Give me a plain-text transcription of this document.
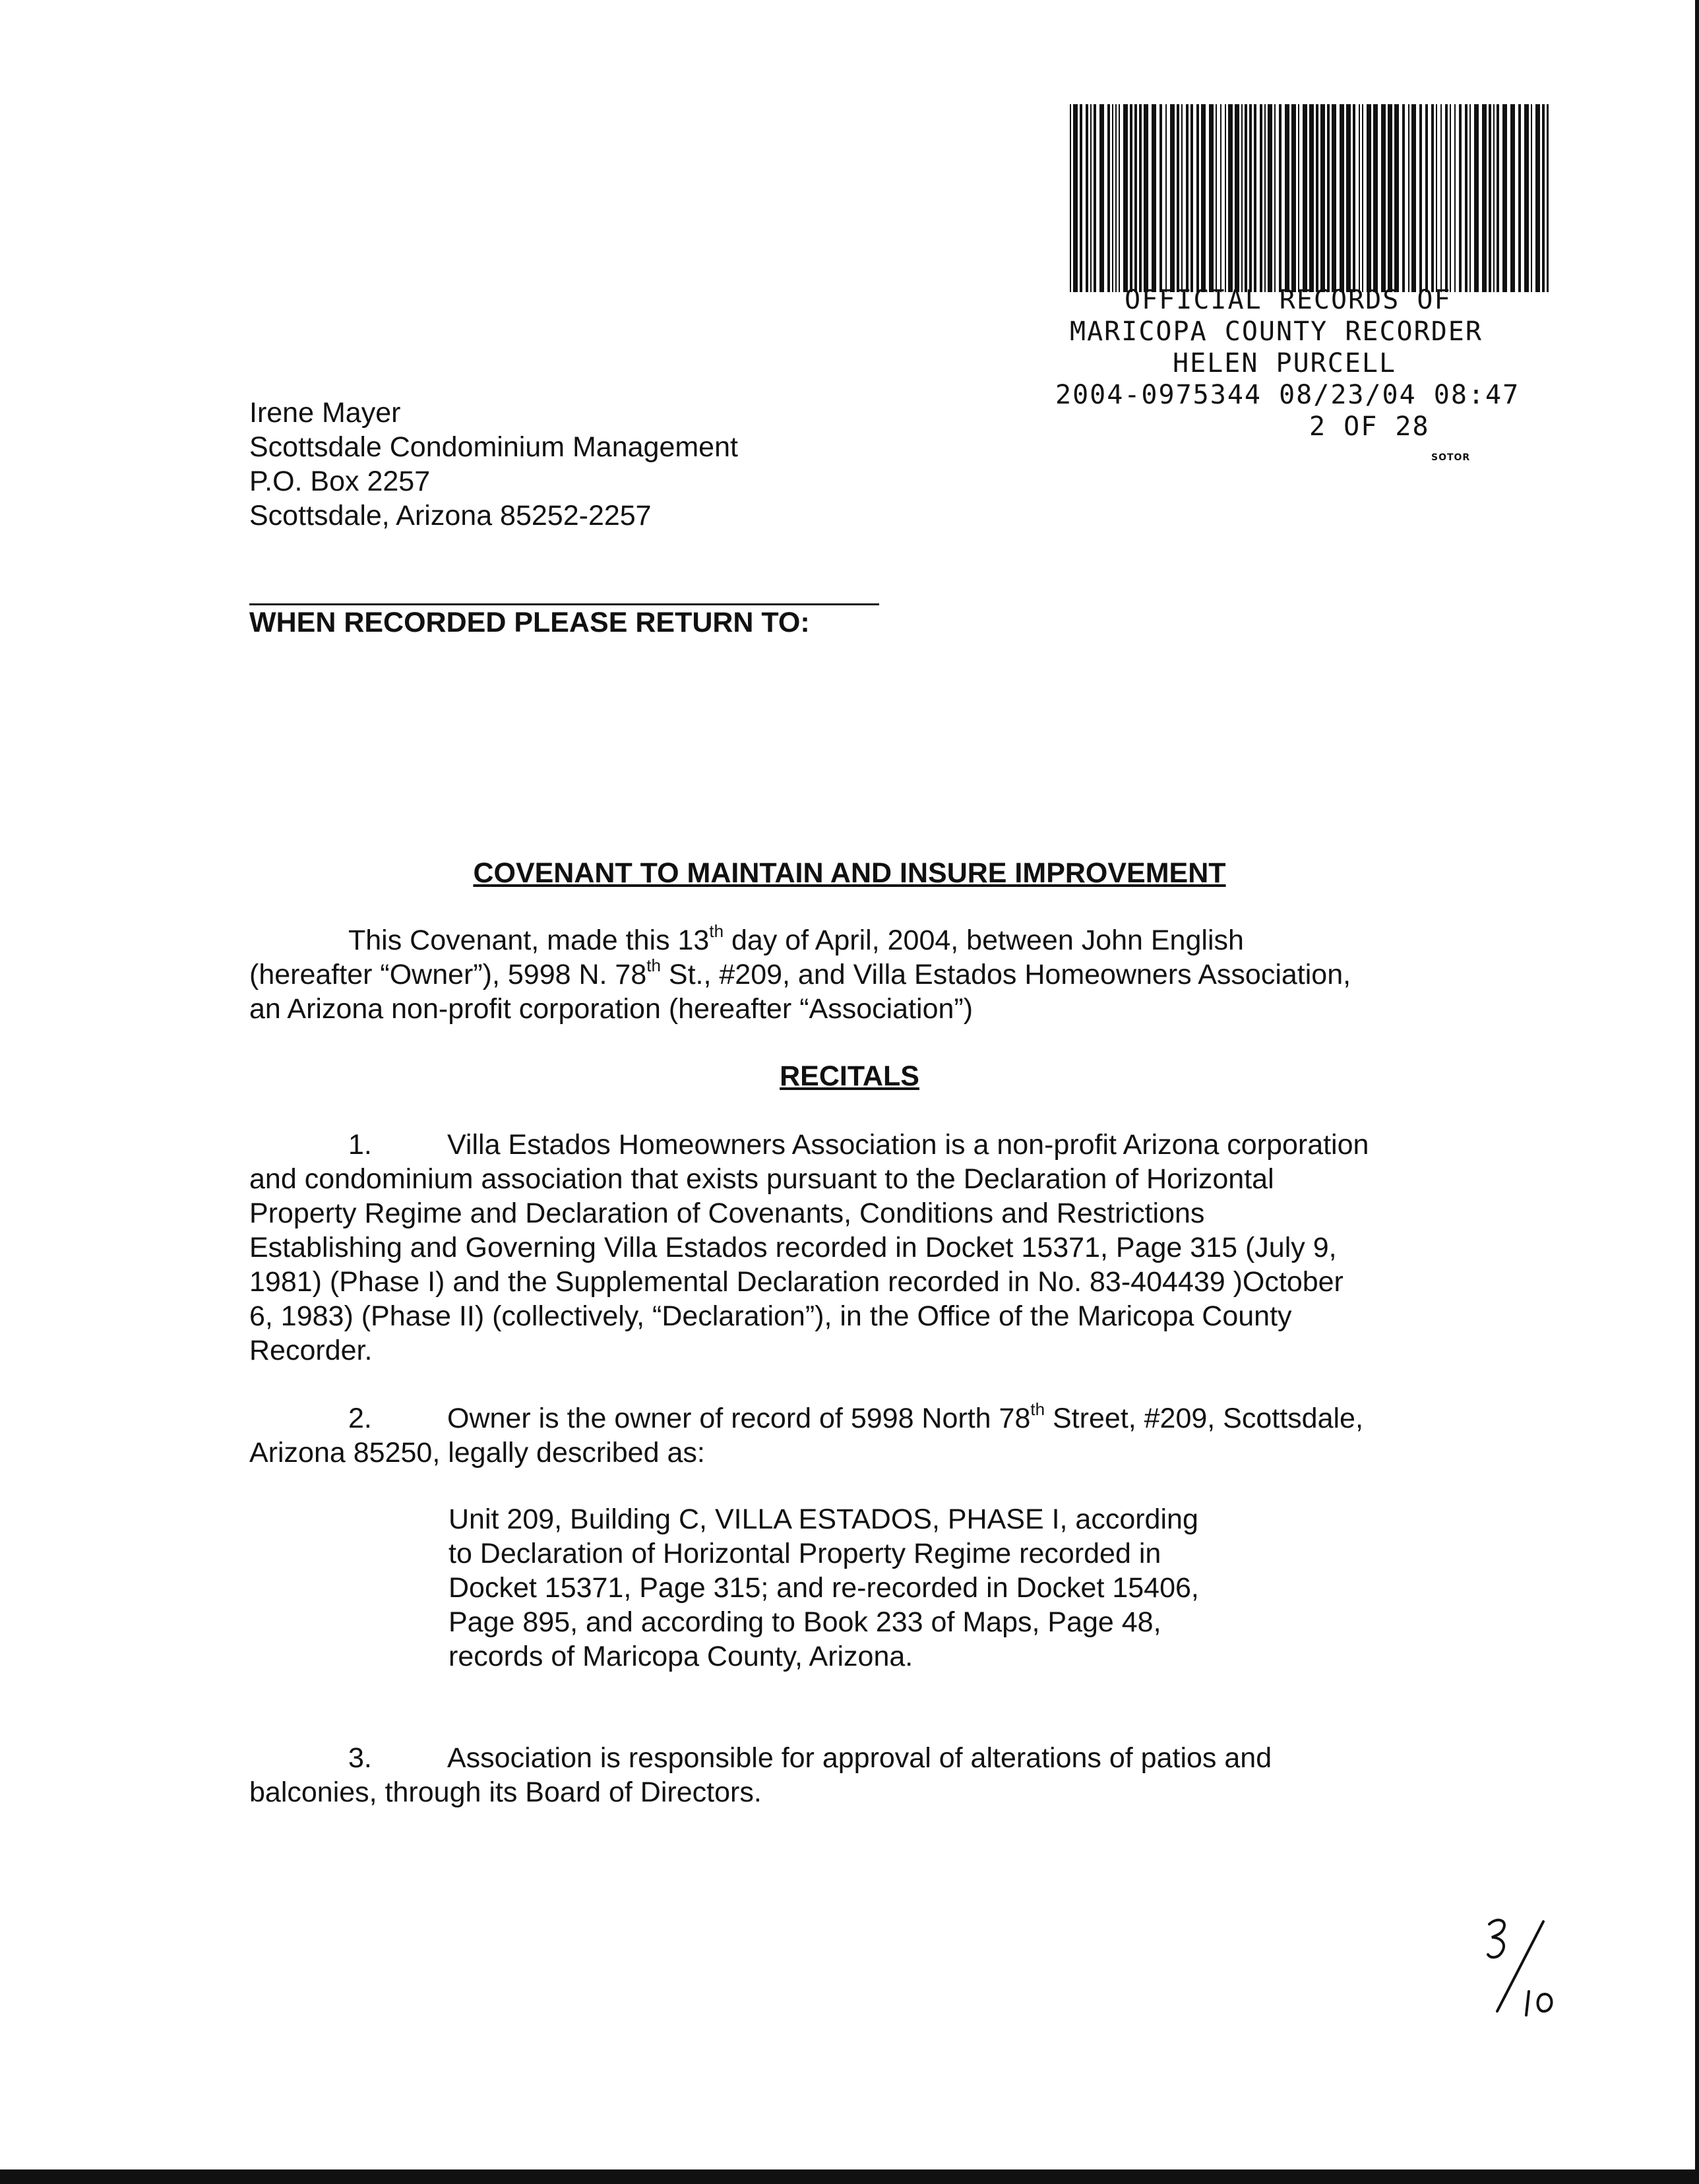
OFFICIAL RECORDS OF
MARICOPA COUNTY RECORDER
HELEN PURCELL
2004-0975344 08/23/04 08:47
2 OF 28
SOTOR
Irene Mayer
Scottsdale Condominium Management
P.O. Box 2257
Scottsdale, Arizona 85252-2257
WHEN RECORDED PLEASE RETURN TO:
COVENANT TO MAINTAIN AND INSURE IMPROVEMENT
This Covenant, made this 13th day of April, 2004, between John English
(hereafter “Owner”), 5998 N. 78th St., #209, and Villa Estados Homeowners Association,
an Arizona non-profit corporation (hereafter “Association”)
RECITALS
1.	Villa Estados Homeowners Association is a non-profit Arizona corporation
and condominium association that exists pursuant to the Declaration of Horizontal
Property Regime and Declaration of Covenants, Conditions and Restrictions
Establishing and Governing Villa Estados recorded in Docket 15371, Page 315 (July 9,
1981) (Phase I) and the Supplemental Declaration recorded in No. 83-404439 )October
6, 1983) (Phase II) (collectively, “Declaration”), in the Office of the Maricopa County
Recorder.
2.	Owner is the owner of record of 5998 North 78th Street, #209, Scottsdale,
Arizona 85250, legally described as:
Unit 209, Building C, VILLA ESTADOS, PHASE I, according
to Declaration of Horizontal Property Regime recorded in
Docket 15371, Page 315; and re-recorded in Docket 15406,
Page 895, and according to Book 233 of Maps, Page 48,
records of Maricopa County, Arizona.
3.	Association is responsible for approval of alterations of patios and
balconies, through its Board of Directors.
